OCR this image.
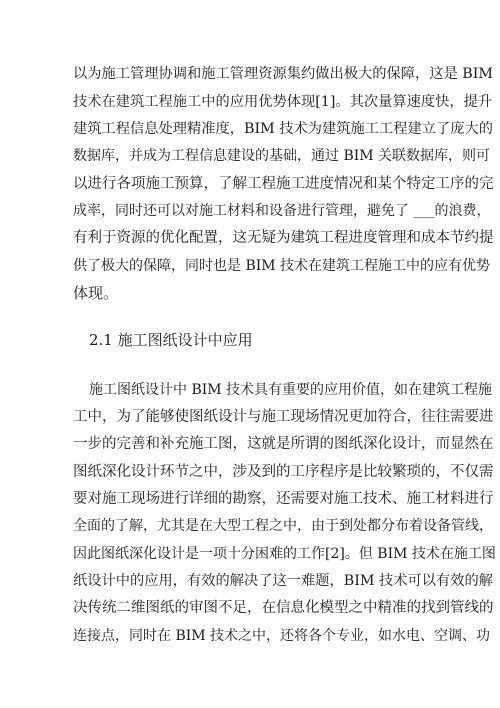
以为施工管理协调和施工管理资源集约做出极大的保障，这是 BIM
技术在建筑工程施工中的应用优势体现[1]。其次量算速度快，提升
建筑工程信息处理精准度，BIM 技术为建筑施工工程建立了庞大的
数据库，并成为工程信息建设的基础，通过 BIM 关联数据库，则可
以进行各项施工预算，了解工程施工进度情况和某个特定工序的完
成率，同时还可以对施工材料和设备进行管理，避免了 ___的浪费，
有利于资源的优化配置，这无疑为建筑工程进度管理和成本节约提
供了极大的保障，同时也是 BIM 技术在建筑工程施工中的应有优势
体现。
2.1 施工图纸设计中应用
施工图纸设计中 BIM 技术具有重要的应用价值，如在建筑工程施
工中，为了能够使图纸设计与施工现场情况更加符合，往往需要进
一步的完善和补充施工图，这就是所谓的图纸深化设计，而显然在
图纸深化设计环节之中，涉及到的工序程序是比较繁琐的，不仅需
要对施工现场进行详细的勘察，还需要对施工技术、施工材料进行
全面的了解，尤其是在大型工程之中，由于到处都分布着设备管线，
因此图纸深化设计是一项十分困难的工作[2]。但 BIM 技术在施工图
纸设计中的应用，有效的解决了这一难题，BIM 技术可以有效的解
决传统二维图纸的审图不足，在信息化模型之中精准的找到管线的
连接点，同时在 BIM 技术之中，还将各个专业，如水电、空调、功
